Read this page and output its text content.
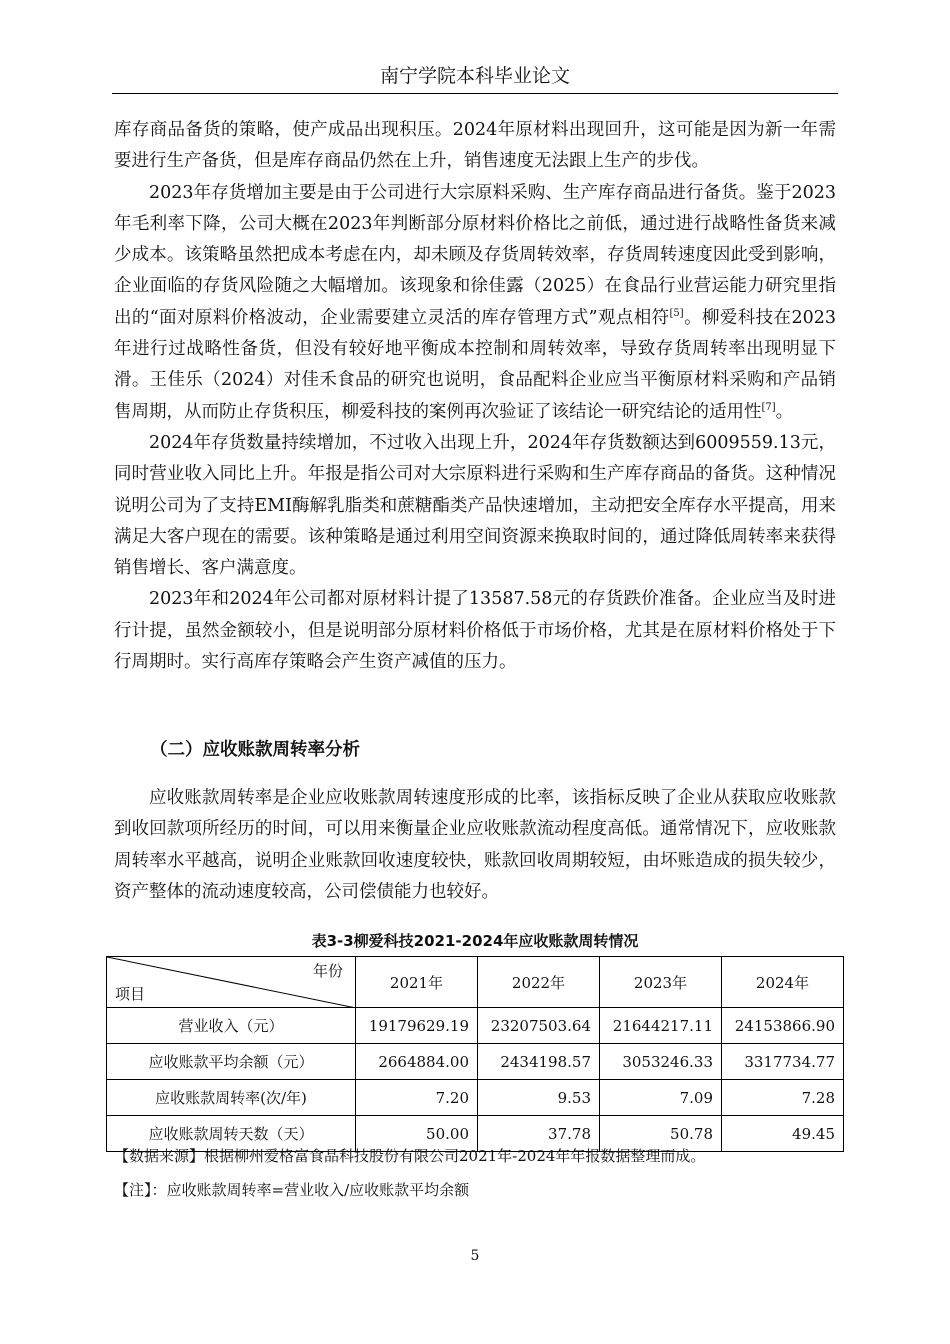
南宁学院本科毕业论文

库存商品备货的策略，使产成品出现积压。2024年原材料出现回升，这可能是因为新一年需要进行生产备货，但是库存商品仍然在上升，销售速度无法跟上生产的步伐。

2023年存货增加主要是由于公司进行大宗原料采购、生产库存商品进行备货。鉴于2023年毛利率下降，公司大概在2023年判断部分原材料价格比之前低，通过进行战略性备货来减少成本。该策略虽然把成本考虑在内，却未顾及存货周转效率，存货周转速度因此受到影响，企业面临的存货风险随之大幅增加。该现象和徐佳露（2025）在食品行业营运能力研究里指出的“面对原料价格波动，企业需要建立灵活的库存管理方式”观点相符[5]。柳爱科技在2023年进行过战略性备货，但没有较好地平衡成本控制和周转效率，导致存货周转率出现明显下滑。王佳乐（2024）对佳禾食品的研究也说明，食品配料企业应当平衡原材料采购和产品销售周期，从而防止存货积压，柳爱科技的案例再次验证了该结论一研究结论的适用性[7]。

2024年存货数量持续增加，不过收入出现上升，2024年存货数额达到6009559.13元，同时营业收入同比上升。年报是指公司对大宗原料进行采购和生产库存商品的备货。这种情况说明公司为了支持EMI酶解乳脂类和蔗糖酯类产品快速增加，主动把安全库存水平提高，用来满足大客户现在的需要。该种策略是通过利用空间资源来换取时间的，通过降低周转率来获得销售增长、客户满意度。

2023年和2024年公司都对原材料计提了13587.58元的存货跌价准备。企业应当及时进行计提，虽然金额较小，但是说明部分原材料价格低于市场价格，尤其是在原材料价格处于下行周期时。实行高库存策略会产生资产减值的压力。

（二）应收账款周转率分析

应收账款周转率是企业应收账款周转速度形成的比率，该指标反映了企业从获取应收账款到收回款项所经历的时间，可以用来衡量企业应收账款流动程度高低。通常情况下，应收账款周转率水平越高，说明企业账款回收速度较快，账款回收周期较短，由坏账造成的损失较少，资产整体的流动速度较高，公司偿债能力也较好。

表3-3柳爱科技2021-2024年应收账款周转情况
年份
项目	2021年	2022年	2023年	2024年
营业收入（元）	19179629.19	23207503.64	21644217.11	24153866.90
应收账款平均余额（元）	2664884.00	2434198.57	3053246.33	3317734.77
应收账款周转率(次/年)	7.20	9.53	7.09	7.28
应收账款周转天数（天）	50.00	37.78	50.78	49.45
【数据来源】根据柳州爱格富食品科技股份有限公司2021年-2024年年报数据整理而成。
【注】：应收账款周转率=营业收入/应收账款平均余额
5
